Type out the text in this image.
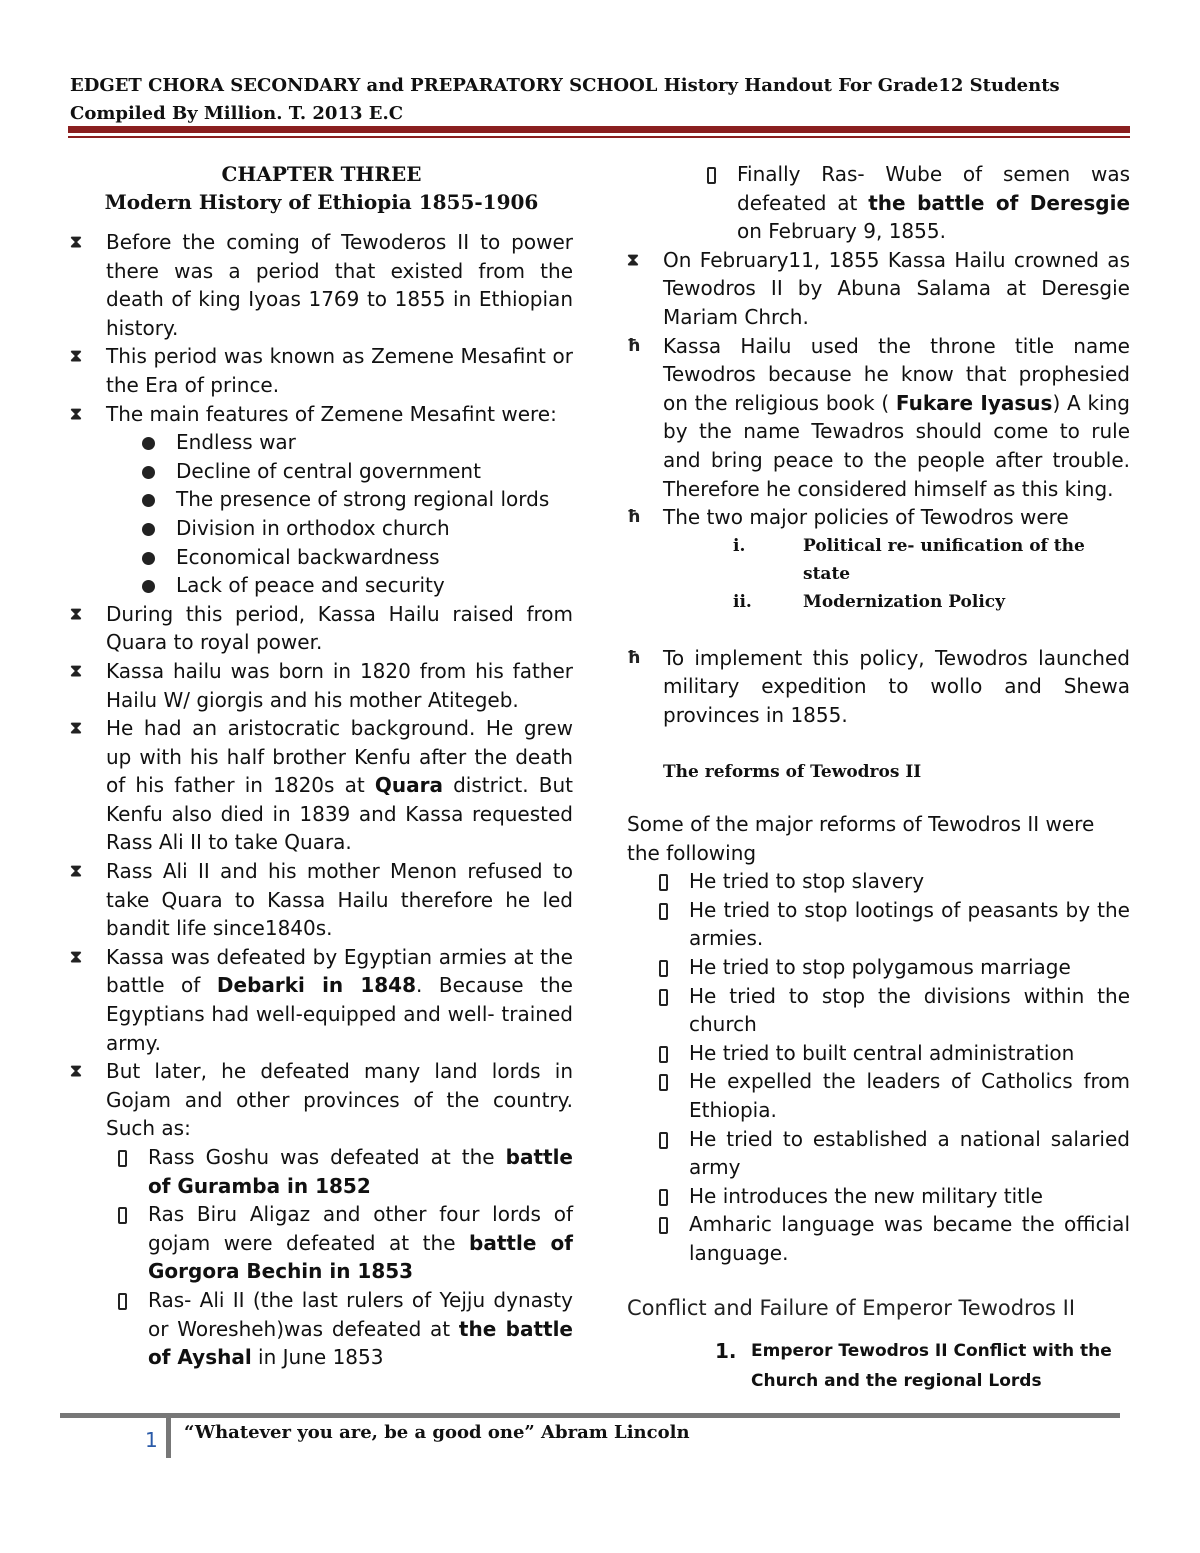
EDGET CHORA SECONDARY and PREPARATORY SCHOOL History Handout For Grade12 Students
Compiled By Million. T. 2013 E.C
CHAPTER THREE
Modern History of Ethiopia 1855-1906
⧗	Before the coming of Tewoderos II to power there was a period that existed from the death of king Iyoas 1769 to 1855 in Ethiopian history.
⧗	This period was known as Zemene Mesafint or the Era of prince.
⧗	The main features of Zemene Mesafint were:
Endless war
Decline of central government
The presence of strong regional lords
Division in orthodox church
Economical backwardness
Lack of peace and security
⧗	During this period, Kassa Hailu raised from Quara to royal power.
⧗	Kassa hailu was born in 1820 from his father Hailu W/ giorgis and his mother Atitegeb.
⧗	He had an aristocratic background. He grew up with his half brother Kenfu after the death of his father in 1820s at Quara district. But Kenfu also died in 1839 and Kassa requested Rass Ali II to take Quara.
⧗	Rass Ali II and his mother Menon refused to take Quara to Kassa Hailu therefore he led bandit life since1840s.
⧗	Kassa was defeated by Egyptian armies at the battle of Debarki in 1848. Because the Egyptians had well-equipped and well- trained army.
⧗	But later, he defeated many land lords in Gojam and other provinces of the country. Such as:
Rass Goshu was defeated at the battle of Guramba in 1852
Ras Biru Aligaz and other four lords of gojam were defeated at the battle of Gorgora Bechin in 1853
Ras- Ali II (the last rulers of Yejju dynasty or Woresheh)was defeated at the battle of Ayshal in June 1853
Finally Ras- Wube of semen was defeated at the battle of Deresgie on February 9, 1855.
⧗	On February11, 1855 Kassa Hailu crowned as Tewodros II by Abuna Salama at Deresgie Mariam Chrch.
ħ	Kassa Hailu used the throne title name Tewodros because he know that prophesied on the religious book ( Fukare Iyasus) A king by the name Tewadros should come to rule and bring peace to the people after trouble. Therefore he considered himself as this king.
ħ	The two major policies of Tewodros were
i.	Political re- unification of the state
ii.	Modernization Policy
ħ	To implement this policy, Tewodros launched military expedition to wollo and Shewa provinces in 1855.
The reforms of Tewodros II
Some of the major reforms of Tewodros II were the following
He tried to stop slavery
He tried to stop lootings of peasants by the armies.
He tried to stop polygamous marriage
He tried to stop the divisions within the church
He tried to built central administration
He expelled the leaders of Catholics from Ethiopia.
He tried to established a national salaried army
He introduces the new military title
Amharic language was became the official language.
Conflict and Failure of Emperor Tewodros II
1. Emperor Tewodros II Conflict with the Church and the regional Lords
1 “Whatever you are, be a good one” Abram Lincoln
